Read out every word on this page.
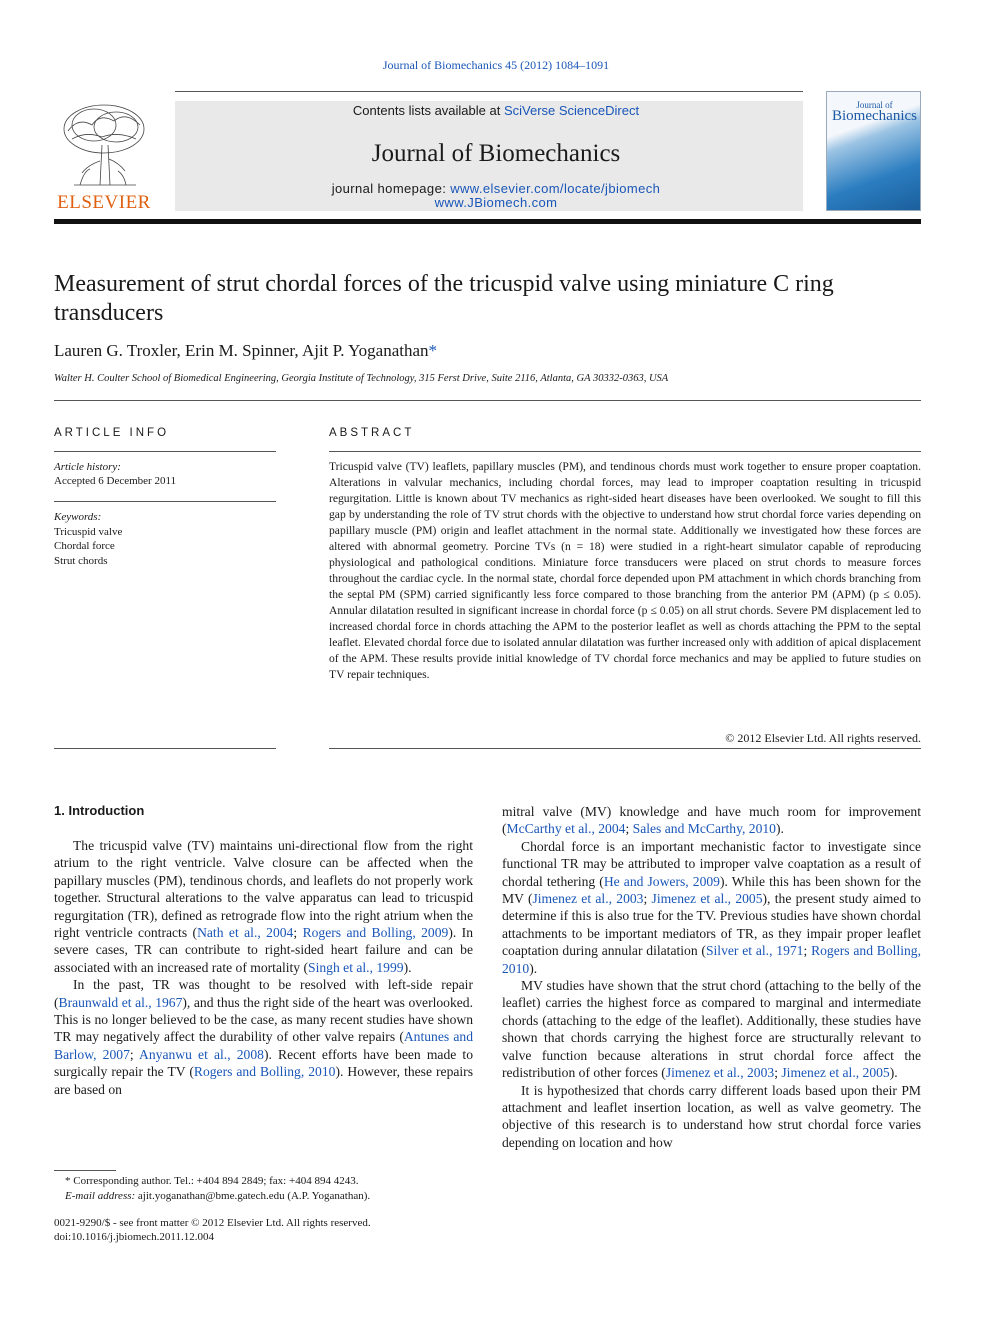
Journal of Biomechanics 45 (2012) 1084–1091
ELSEVIER
Contents lists available at SciVerse ScienceDirect
Journal of Biomechanics
journal homepage: www.elsevier.com/locate/jbiomech
www.JBiomech.com
Journal of
Biomechanics
Measurement of strut chordal forces of the tricuspid valve using miniature C ring transducers
Lauren G. Troxler, Erin M. Spinner, Ajit P. Yoganathan*
Walter H. Coulter School of Biomedical Engineering, Georgia Institute of Technology, 315 Ferst Drive, Suite 2116, Atlanta, GA 30332-0363, USA
ARTICLE INFO
Article history:
Accepted 6 December 2011
Keywords:
Tricuspid valve
Chordal force
Strut chords
ABSTRACT
Tricuspid valve (TV) leaflets, papillary muscles (PM), and tendinous chords must work together to ensure proper coaptation. Alterations in valvular mechanics, including chordal forces, may lead to improper coaptation resulting in tricuspid regurgitation. Little is known about TV mechanics as right-sided heart diseases have been overlooked. We sought to fill this gap by understanding the role of TV strut chords with the objective to understand how strut chordal force varies depending on papillary muscle (PM) origin and leaflet attachment in the normal state. Additionally we investigated how these forces are altered with abnormal geometry. Porcine TVs (n = 18) were studied in a right-heart simulator capable of reproducing physiological and pathological conditions. Miniature force transducers were placed on strut chords to measure forces throughout the cardiac cycle. In the normal state, chordal force depended upon PM attachment in which chords branching from the septal PM (SPM) carried significantly less force compared to those branching from the anterior PM (APM) (p ≤ 0.05). Annular dilatation resulted in significant increase in chordal force (p ≤ 0.05) on all strut chords. Severe PM displacement led to increased chordal force in chords attaching the APM to the posterior leaflet as well as chords attaching the PPM to the septal leaflet. Elevated chordal force due to isolated annular dilatation was further increased only with addition of apical displacement of the APM. These results provide initial knowledge of TV chordal force mechanics and may be applied to future studies on TV repair techniques.
© 2012 Elsevier Ltd. All rights reserved.
1. Introduction

The tricuspid valve (TV) maintains uni-directional flow from the right atrium to the right ventricle. Valve closure can be affected when the papillary muscles (PM), tendinous chords, and leaflets do not properly work together. Structural alterations to the valve apparatus can lead to tricuspid regurgitation (TR), defined as retrograde flow into the right atrium when the right ventricle contracts (Nath et al., 2004; Rogers and Bolling, 2009). In severe cases, TR can contribute to right-sided heart failure and can be associated with an increased rate of mortality (Singh et al., 1999).

In the past, TR was thought to be resolved with left-side repair (Braunwald et al., 1967), and thus the right side of the heart was overlooked. This is no longer believed to be the case, as many recent studies have shown TR may negatively affect the durability of other valve repairs (Antunes and Barlow, 2007; Anyanwu et al., 2008). Recent efforts have been made to surgically repair the TV (Rogers and Bolling, 2010). However, these repairs are based on

mitral valve (MV) knowledge and have much room for improvement (McCarthy et al., 2004; Sales and McCarthy, 2010).

Chordal force is an important mechanistic factor to investigate since functional TR may be attributed to improper valve coaptation as a result of chordal tethering (He and Jowers, 2009). While this has been shown for the MV (Jimenez et al., 2003; Jimenez et al., 2005), the present study aimed to determine if this is also true for the TV. Previous studies have shown chordal attachments to be important mediators of TR, as they impair proper leaflet coaptation during annular dilatation (Silver et al., 1971; Rogers and Bolling, 2010).

MV studies have shown that the strut chord (attaching to the belly of the leaflet) carries the highest force as compared to marginal and intermediate chords (attaching to the edge of the leaflet). Additionally, these studies have shown that chords carrying the highest force are structurally relevant to valve function because alterations in strut chordal force affect the redistribution of other forces (Jimenez et al., 2003; Jimenez et al., 2005).

It is hypothesized that chords carry different loads based upon their PM attachment and leaflet insertion location, as well as valve geometry. The objective of this research is to understand how strut chordal force varies depending on location and how

* Corresponding author. Tel.: +404 894 2849; fax: +404 894 4243.
E-mail address: ajit.yoganathan@bme.gatech.edu (A.P. Yoganathan).
0021-9290/$ - see front matter © 2012 Elsevier Ltd. All rights reserved.
doi:10.1016/j.jbiomech.2011.12.004
